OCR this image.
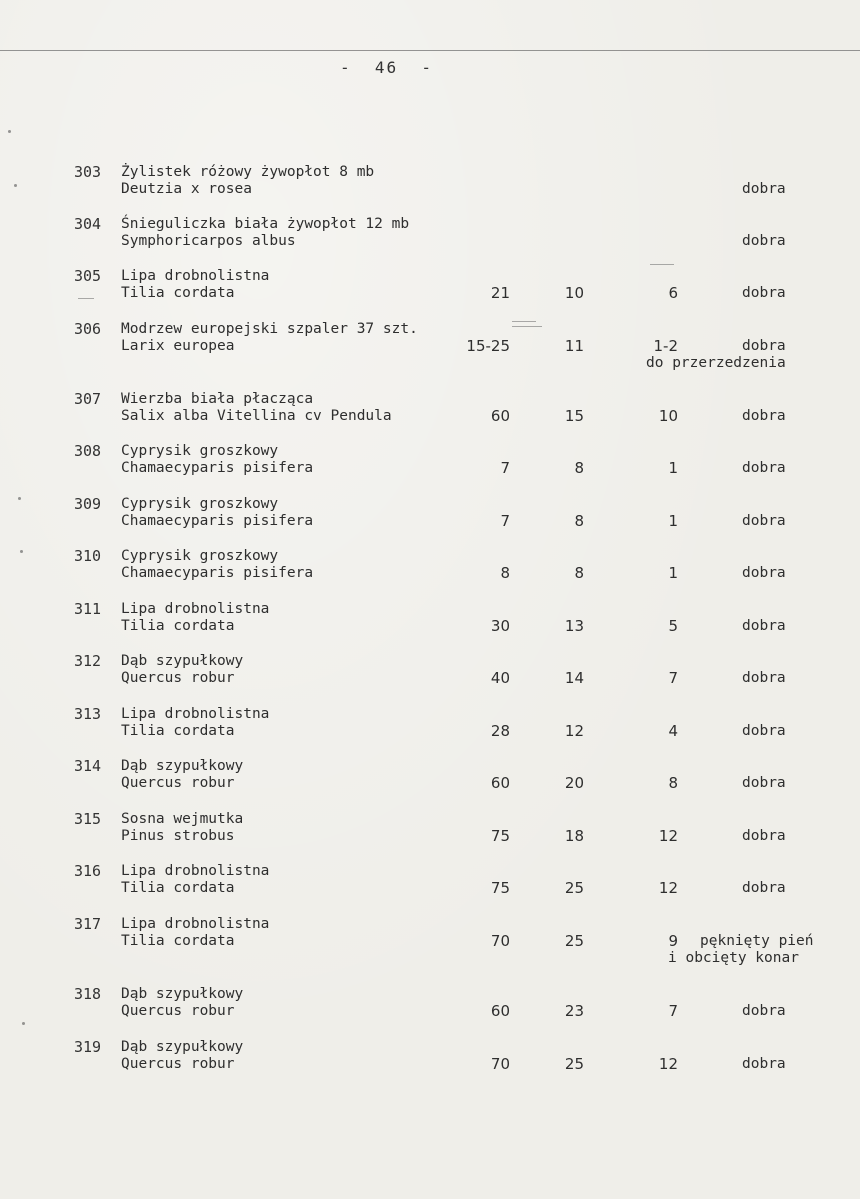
-  46  -
303 Żylistek różowy żywopłot 8 mb
Deutzia x rosea	dobra
304 Śnieguliczka biała żywopłot 12 mb
Symphoricarpos albus	dobra
305 Lipa drobnolistna
Tilia cordata	21	10	6	dobra
306 Modrzew europejski szpaler 37 szt.
Larix europea	15-25	11	1-2	dobra
do przerzedzenia
307 Wierzba biała płacząca
Salix alba Vitellina cv Pendula	60	15	10	dobra
308 Cyprysik groszkowy
Chamaecyparis pisifera	7	8	1	dobra
309 Cyprysik groszkowy
Chamaecyparis pisifera	7	8	1	dobra
310 Cyprysik groszkowy
Chamaecyparis pisifera	8	8	1	dobra
311 Lipa drobnolistna
Tilia cordata	30	13	5	dobra
312 Dąb szypułkowy
Quercus robur	40	14	7	dobra
313 Lipa drobnolistna
Tilia cordata	28	12	4	dobra
314 Dąb szypułkowy
Quercus robur	60	20	8	dobra
315 Sosna wejmutka
Pinus strobus	75	18	12	dobra
316 Lipa drobnolistna
Tilia cordata	75	25	12	dobra
317 Lipa drobnolistna
Tilia cordata	70	25	9 pęknięty pień
i obcięty konar
318 Dąb szypułkowy
Quercus robur	60	23	7	dobra
319 Dąb szypułkowy
Quercus robur	70	25	12	dobra
